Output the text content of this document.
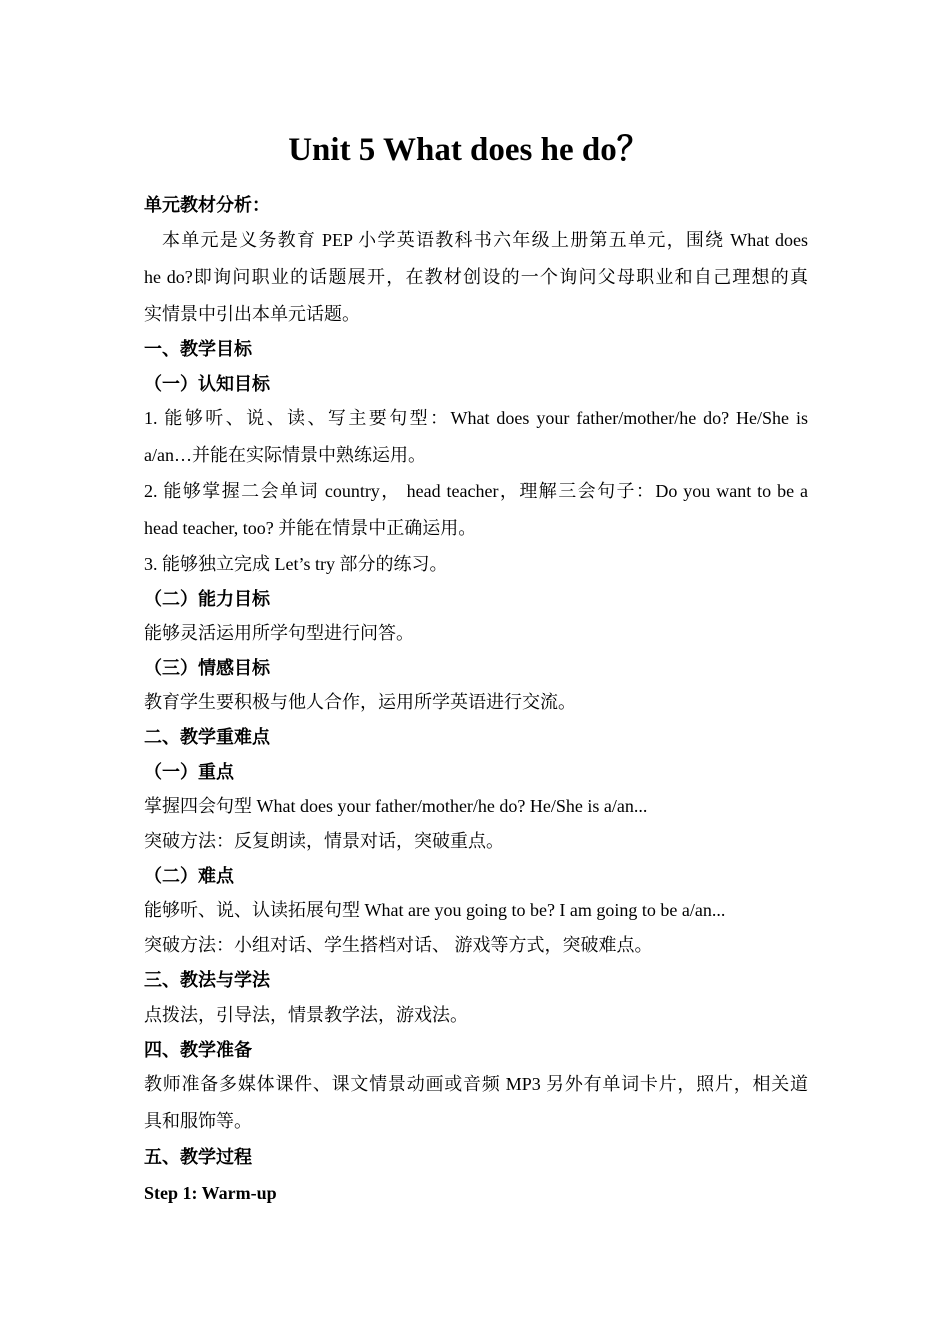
Unit 5 What does he do？
单元教材分析：
本单元是义务教育 PEP 小学英语教科书六年级上册第五单元，围绕 What does
he do?即询问职业的话题展开，在教材创设的一个询问父母职业和自己理想的真
实情景中引出本单元话题。
一、教学目标
（一）认知目标
1. 能够听、说、读、写主要句型：What does your father/mother/he do? He/She is
a/an…并能在实际情景中熟练运用。
2. 能够掌握二会单词 country， head teacher，理解三会句子：Do you want to be a
head teacher, too? 并能在情景中正确运用。
3. 能够独立完成 Let’s try 部分的练习。
（二）能力目标
能够灵活运用所学句型进行问答。
（三）情感目标
教育学生要积极与他人合作，运用所学英语进行交流。
二、教学重难点
（一）重点
掌握四会句型 What does your father/mother/he do? He/She is a/an...
突破方法：反复朗读，情景对话，突破重点。
（二）难点
能够听、说、认读拓展句型 What are you going to be? I am going to be a/an...
突破方法：小组对话、学生搭档对话、 游戏等方式，突破难点。
三、教法与学法
点拨法，引导法，情景教学法，游戏法。
四、教学准备
教师准备多媒体课件、课文情景动画或音频 MP3 另外有单词卡片，照片，相关道
具和服饰等。
五、教学过程
Step 1: Warm-up
